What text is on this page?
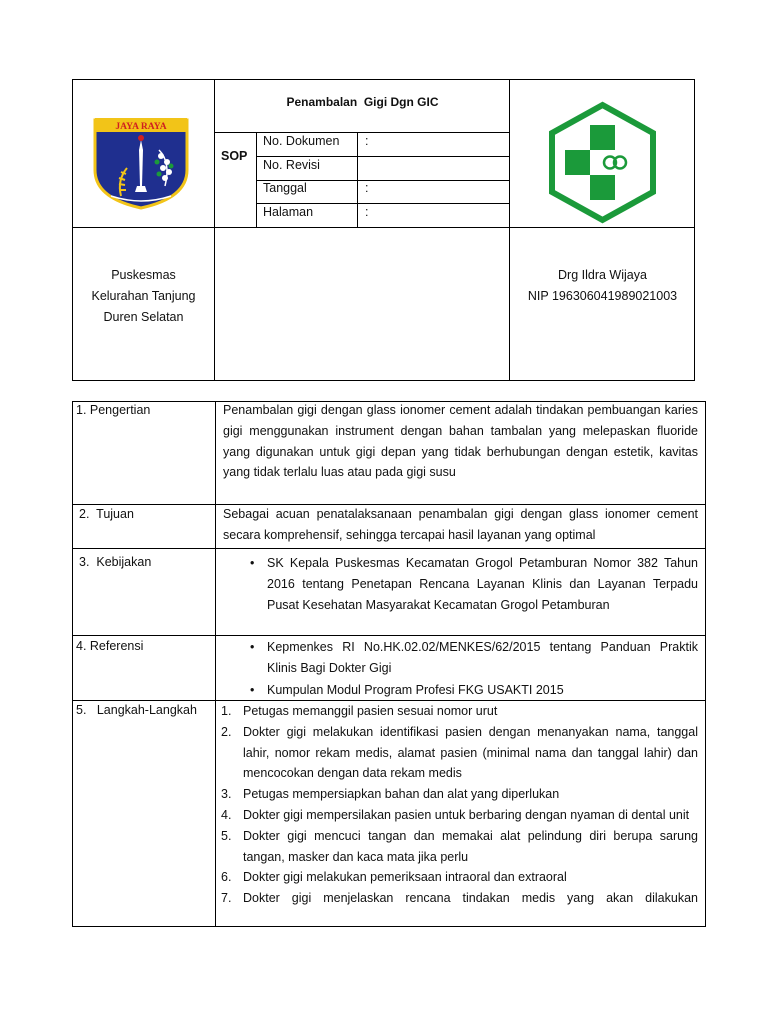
JAYA RAYA
Penambalan  Gigi Dgn GIC
SOP
No. Dokumen :
No. Revisi
Tanggal	:
Halaman	:
Puskesmas
Kelurahan Tanjung
Duren Selatan
Drg Ildra Wijaya
NIP 196306041989021003
1. Pengertian	Penambalan gigi dengan glass ionomer cement adalah tindakan pembuangan karies gigi menggunakan instrument dengan bahan tambalan yang melepaskan fluoride yang digunakan untuk gigi depan yang tidak berhubungan dengan estetik, kavitas yang tidak terlalu luas atau pada gigi susu
2.  Tujuan	Sebagai acuan penatalaksanaan penambalan gigi dengan glass ionomer cement secara komprehensif, sehingga tercapai hasil layanan yang optimal
3.  Kebijakan	• SK Kepala Puskesmas Kecamatan Grogol Petamburan Nomor 382 Tahun 2016 tentang Penetapan Rencana Layanan Klinis dan Layanan Terpadu Pusat Kesehatan Masyarakat Kecamatan Grogol Petamburan
4. Referensi	• Kepmenkes RI No.HK.02.02/MENKES/62/2015 tentang Panduan Praktik Klinis Bagi Dokter Gigi
• Kumpulan Modul Program Profesi FKG USAKTI 2015
5.   Langkah-Langkah 1. Petugas memanggil pasien sesuai nomor urut
2. Dokter gigi melakukan identifikasi pasien dengan menanyakan nama, tanggal lahir, nomor rekam medis, alamat pasien (minimal nama dan tanggal lahir) dan mencocokan dengan data rekam medis
3. Petugas mempersiapkan bahan dan alat yang diperlukan
4. Dokter gigi mempersilakan pasien untuk berbaring dengan nyaman di dental unit
5. Dokter gigi mencuci tangan dan memakai alat pelindung diri berupa sarung tangan, masker dan kaca mata jika perlu
6. Dokter gigi melakukan pemeriksaan intraoral dan extraoral
7. Dokter gigi menjelaskan rencana tindakan medis yang akan dilakukan
